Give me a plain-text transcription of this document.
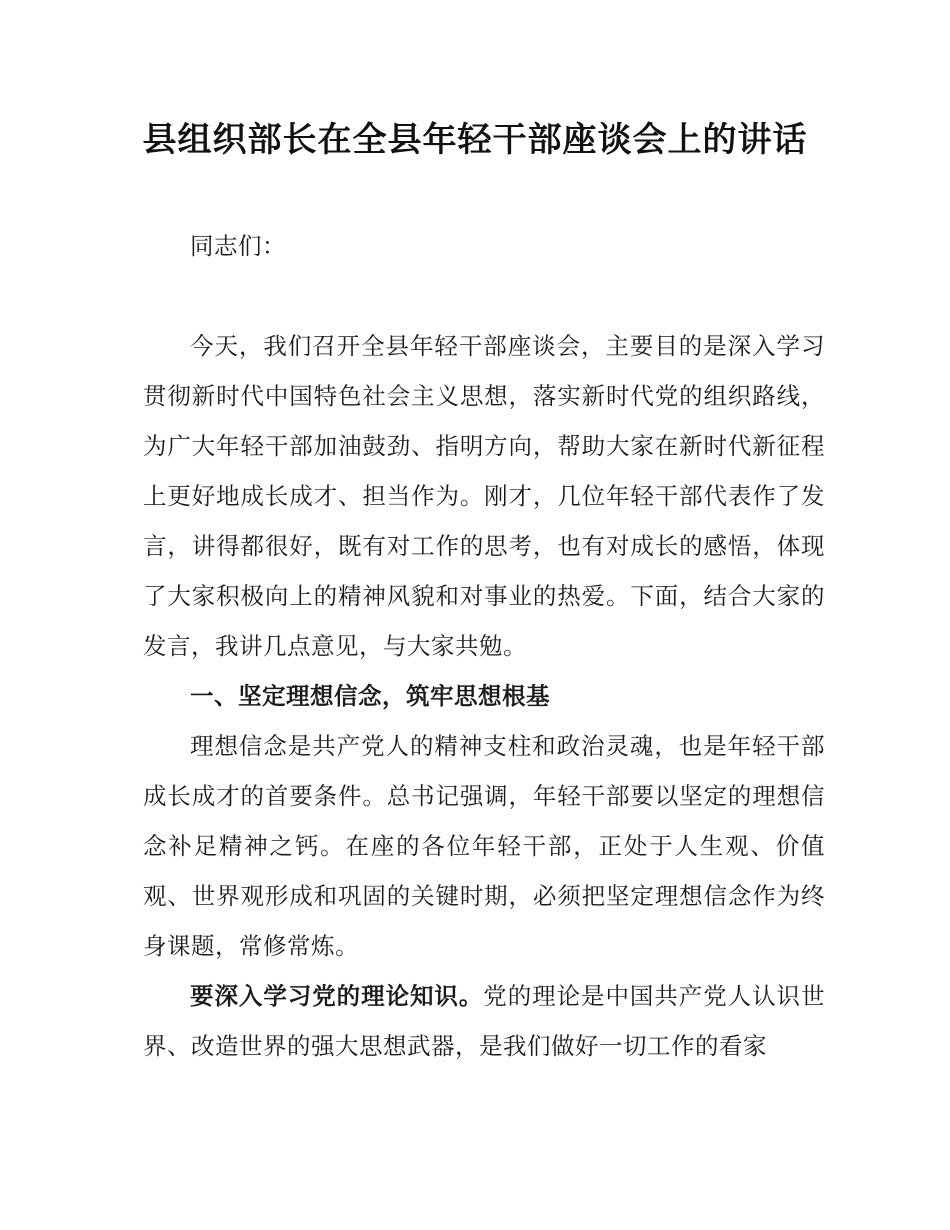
县组织部长在全县年轻干部座谈会上的讲话

同志们：

今天，我们召开全县年轻干部座谈会，主要目的是深入学习贯彻新时代中国特色社会主义思想，落实新时代党的组织路线，为广大年轻干部加油鼓劲、指明方向，帮助大家在新时代新征程上更好地成长成才、担当作为。刚才，几位年轻干部代表作了发言，讲得都很好，既有对工作的思考，也有对成长的感悟，体现了大家积极向上的精神风貌和对事业的热爱。下面，结合大家的发言，我讲几点意见，与大家共勉。

一、坚定理想信念，筑牢思想根基

理想信念是共产党人的精神支柱和政治灵魂，也是年轻干部成长成才的首要条件。总书记强调，年轻干部要以坚定的理想信念补足精神之钙。在座的各位年轻干部，正处于人生观、价值观、世界观形成和巩固的关键时期，必须把坚定理想信念作为终身课题，常修常炼。

要深入学习党的理论知识。党的理论是中国共产党人认识世界、改造世界的强大思想武器，是我们做好一切工作的看家
